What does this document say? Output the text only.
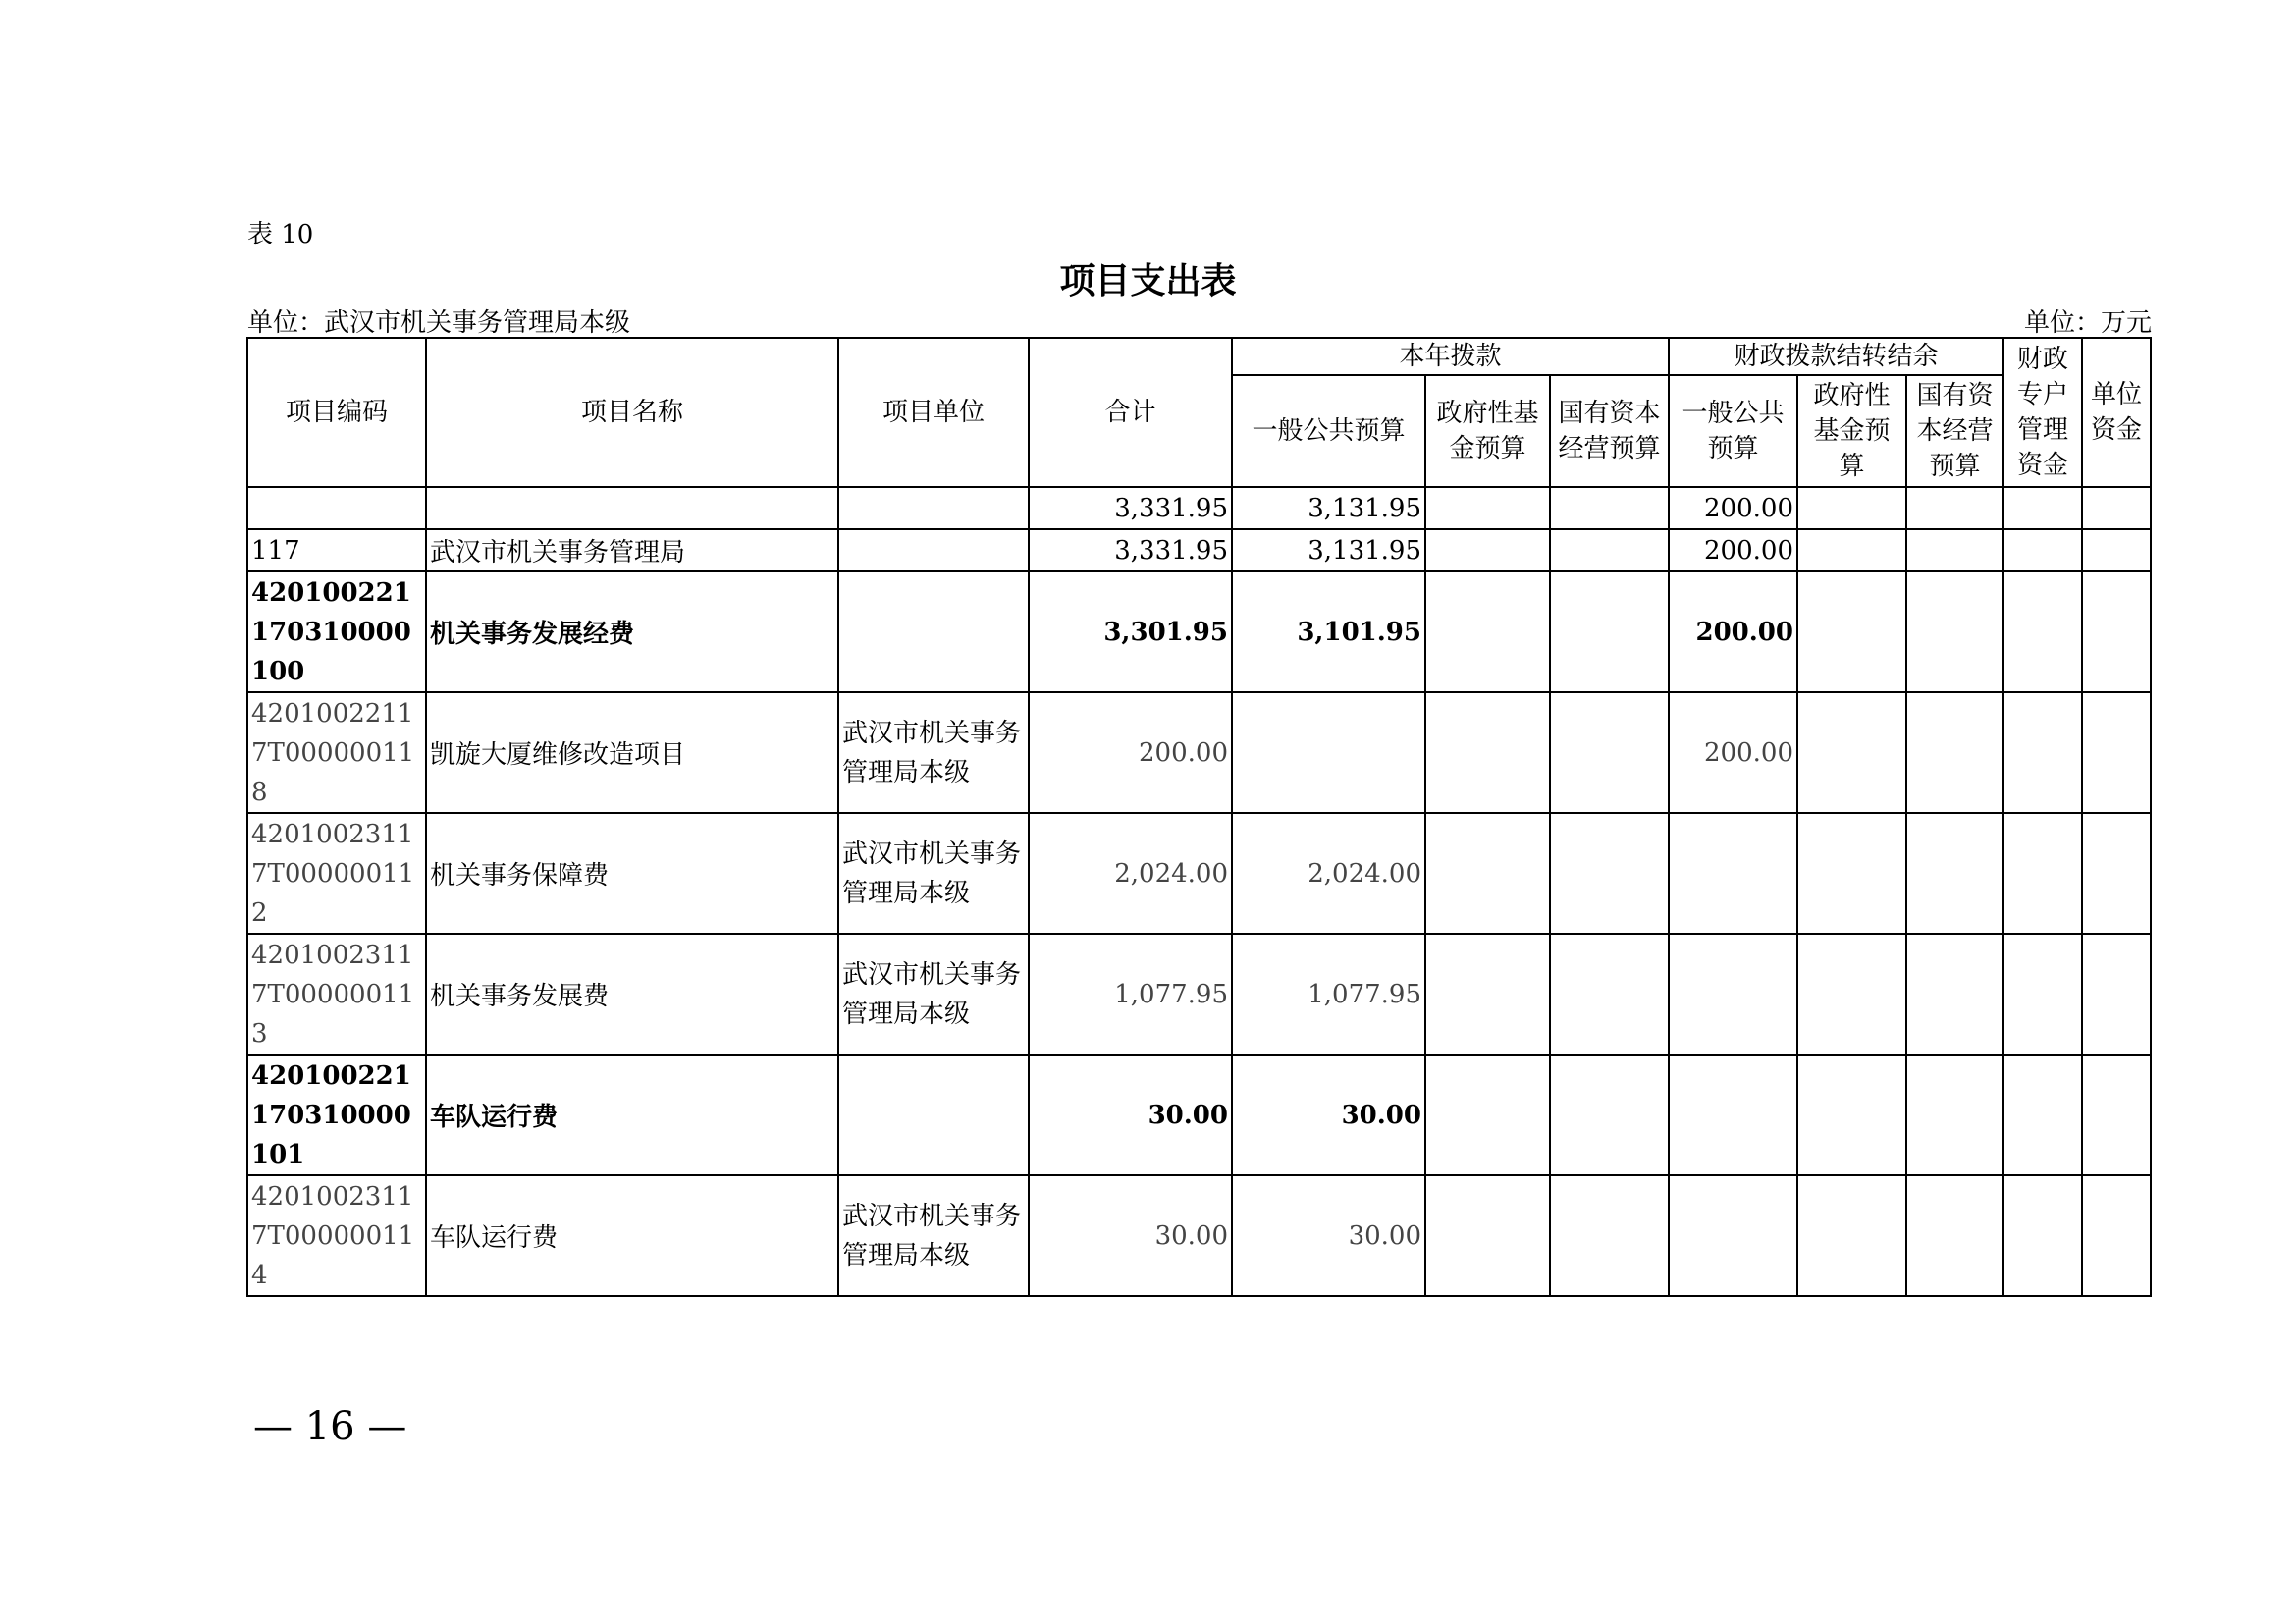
表 10
项目支出表
单位：武汉市机关事务管理局本级	单位：万元
项目编码	项目名称	项目单位	合计	本年拨款			财政拨款结转结余			财政专户管理资金	单位资金
				一般公共预算	政府性基金预算	国有资本经营预算	一般公共预算	政府性基金预算	国有资本经营预算		
			3,331.95	3,131.95			200.00				
117	武汉市机关事务管理局		3,331.95	3,131.95			200.00				
420100221170310000100	机关事务发展经费		3,301.95	3,101.95			200.00				
42010022117T000000118	凯旋大厦维修改造项目	武汉市机关事务管理局本级	200.00				200.00				
42010023117T000000112	机关事务保障费	武汉市机关事务管理局本级	2,024.00	2,024.00							
42010023117T000000113	机关事务发展费	武汉市机关事务管理局本级	1,077.95	1,077.95							
420100221170310000101	车队运行费		30.00	30.00							
42010023117T000000114	车队运行费	武汉市机关事务管理局本级	30.00	30.00							
— 16 —
